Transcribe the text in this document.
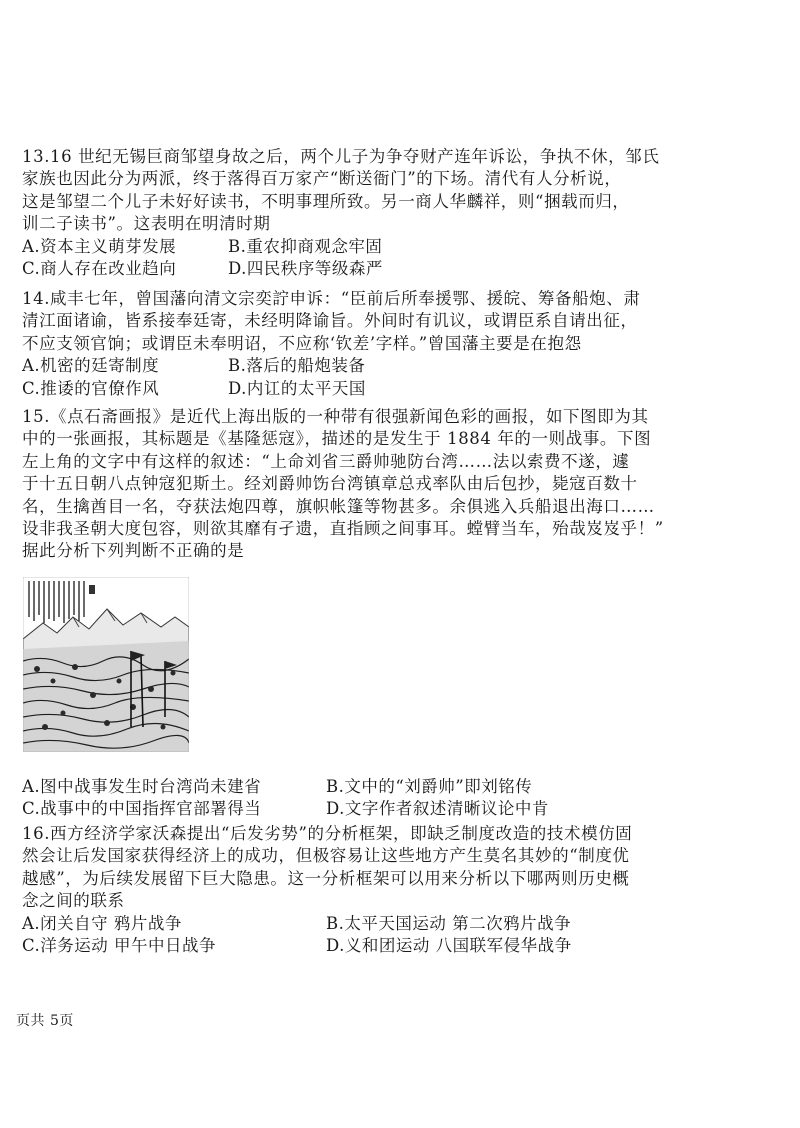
13.16 世纪无锡巨商邹望身故之后，两个儿子为争夺财产连年诉讼，争执不休，邹氏
家族也因此分为两派，终于落得百万家产“断送衙门”的下场。清代有人分析说，
这是邹望二个儿子未好好读书，不明事理所致。另一商人华麟祥，则“捆载而归，
训二子读书”。这表明在明清时期
A.资本主义萌芽发展	B.重农抑商观念牢固
C.商人存在改业趋向	D.四民秩序等级森严
14.咸丰七年，曾国藩向清文宗奕詝申诉：“臣前后所奉援鄂、援皖、筹备船炮、肃
清江面诸谕，皆系接奉廷寄，未经明降谕旨。外间时有讥议，或谓臣系自请出征，
不应支领官饷；或谓臣未奉明诏，不应称‘钦差’字样。”曾国藩主要是在抱怨
A.机密的廷寄制度	B.落后的船炮装备
C.推诿的官僚作风	D.内讧的太平天国
15.《点石斋画报》是近代上海出版的一种带有很强新闻色彩的画报，如下图即为其
中的一张画报，其标题是《基隆惩寇》，描述的是发生于 1884 年的一则战事。下图
左上角的文字中有这样的叙述：“上命刘省三爵帅驰防台湾……法以索费不遂，遽
于十五日朝八点钟寇犯斯土。经刘爵帅饬台湾镇章总戎率队由后包抄，毙寇百数十
名，生擒酋目一名，夺获法炮四尊，旗帜帐篷等物甚多。余俱逃入兵船退出海口……
设非我圣朝大度包容，则欲其靡有孑遗，直指顾之间事耳。螳臂当车，殆哉岌岌乎！”
据此分析下列判断不正确的是
A.图中战事发生时台湾尚未建省	B.文中的“刘爵帅”即刘铭传
C.战事中的中国指挥官部署得当	D.文字作者叙述清晰议论中肯
16.西方经济学家沃森提出“后发劣势”的分析框架，即缺乏制度改造的技术模仿固
然会让后发国家获得经济上的成功，但极容易让这些地方产生莫名其妙的“制度优
越感”，为后续发展留下巨大隐患。这一分析框架可以用来分析以下哪两则历史概
念之间的联系
A.闭关自守 鸦片战争	B.太平天国运动 第二次鸦片战争
C.洋务运动 甲午中日战争	D.义和团运动 八国联军侵华战争
页共 5页
